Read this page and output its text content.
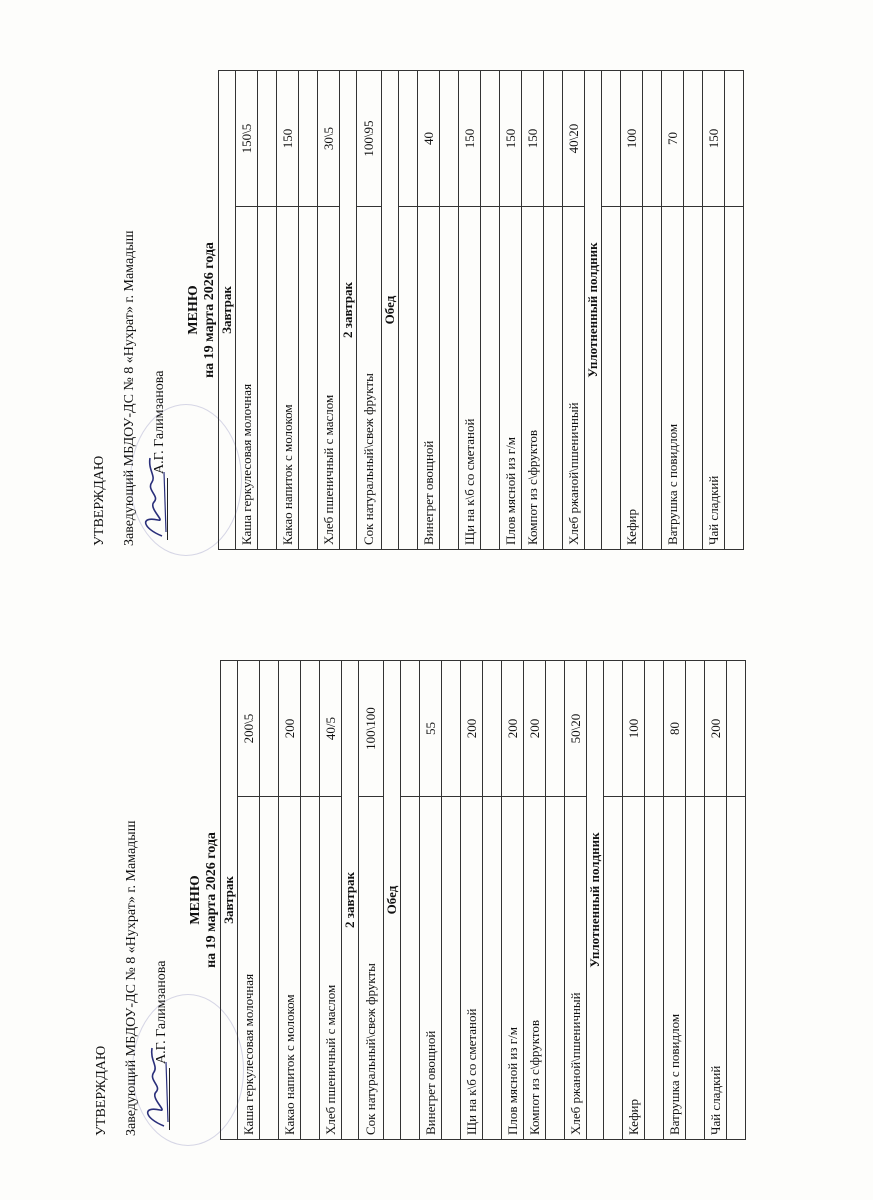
УТВЕРЖДАЮ Заведующий МБДОУ-ДС № 8 «Нухрат» г. Мамадыш А.Г. Галимзанова
МЕНЮ на 19 марта 2026 года Завтрак	
Каша геркулесовая молочная	200\5

Какао напиток с молоком	200

Хлеб пшеничный с маслом	40/5
2 завтрак	
Сок натуральный\свеж фрукты	100\100
Обед	

Винегрет овощной	55

Щи на к\б со сметаной	200

Плов мясной из г/м	200
Компот из с\фруктов	200

Хлеб ржаной\пшеничный	50\20
Уплотненный полдник	

Кефир	100

Ватрушка с повидлом	80

Чай сладкий	200

УТВЕРЖДАЮ Заведующий МБДОУ-ДС № 8 «Нухрат» г. Мамадыш А.Г. Галимзанова
МЕНЮ на 19 марта 2026 года Завтрак	
Каша геркулесовая молочная	150\5

Какао напиток с молоком	150

Хлеб пшеничный с маслом	30\5
2 завтрак	
Сок натуральный\свеж фрукты	100\95
Обед	

Винегрет овощной	40

Щи на к\б со сметаной	150

Плов мясной из г/м	150
Компот из с\фруктов	150

Хлеб ржаной\пшеничный	40\20
Уплотненный полдник	

Кефир	100

Ватрушка с повидлом	70

Чай сладкий	150
